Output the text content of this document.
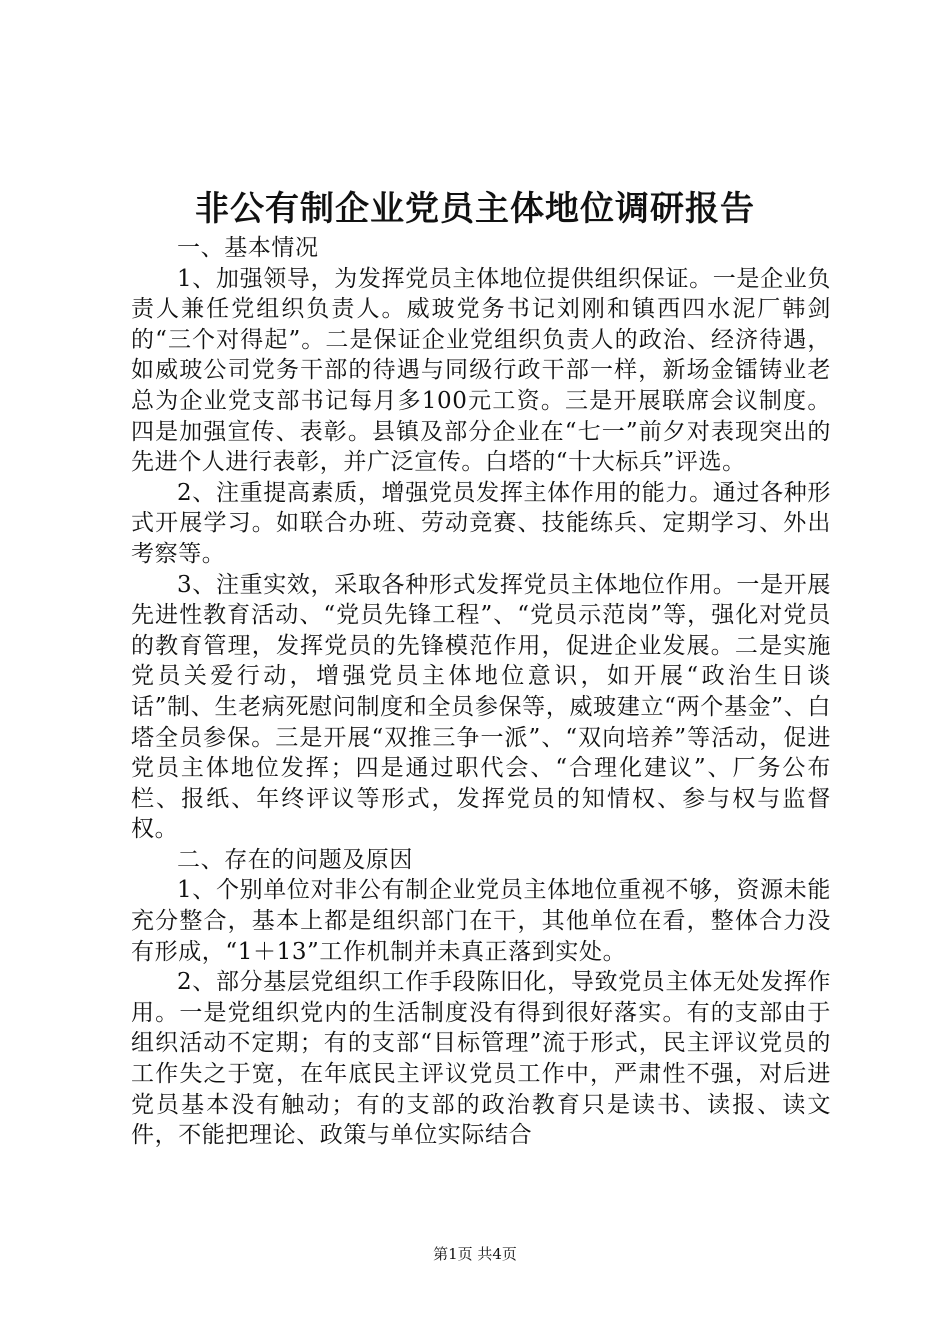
非公有制企业党员主体地位调研报告

一、基本情况

1、加强领导，为发挥党员主体地位提供组织保证。一是企业负责人兼任党组织负责人。威玻党务书记刘刚和镇西四水泥厂韩剑的“三个对得起”。二是保证企业党组织负责人的政治、经济待遇，如威玻公司党务干部的待遇与同级行政干部一样，新场金镭铸业老总为企业党支部书记每月多100元工资。三是开展联席会议制度。四是加强宣传、表彰。县镇及部分企业在“七一”前夕对表现突出的先进个人进行表彰，并广泛宣传。白塔的“十大标兵”评选。

2、注重提高素质，增强党员发挥主体作用的能力。通过各种形式开展学习。如联合办班、劳动竞赛、技能练兵、定期学习、外出考察等。

3、注重实效，采取各种形式发挥党员主体地位作用。一是开展先进性教育活动、“党员先锋工程”、“党员示范岗”等，强化对党员的教育管理，发挥党员的先锋模范作用，促进企业发展。二是实施党员关爱行动，增强党员主体地位意识，如开展“政治生日谈话”制、生老病死慰问制度和全员参保等，威玻建立“两个基金”、白塔全员参保。三是开展“双推三争一派”、“双向培养”等活动，促进党员主体地位发挥；四是通过职代会、“合理化建议”、厂务公布栏、报纸、年终评议等形式，发挥党员的知情权、参与权与监督权。

二、存在的问题及原因

1、个别单位对非公有制企业党员主体地位重视不够，资源未能充分整合，基本上都是组织部门在干，其他单位在看，整体合力没有形成，“1＋13”工作机制并未真正落到实处。

2、部分基层党组织工作手段陈旧化，导致党员主体无处发挥作用。一是党组织党内的生活制度没有得到很好落实。有的支部由于组织活动不定期；有的支部“目标管理”流于形式，民主评议党员的工作失之于宽，在年底民主评议党员工作中，严肃性不强，对后进党员基本没有触动；有的支部的政治教育只是读书、读报、读文件，不能把理论、政策与单位实际结合

第1页 共4页
